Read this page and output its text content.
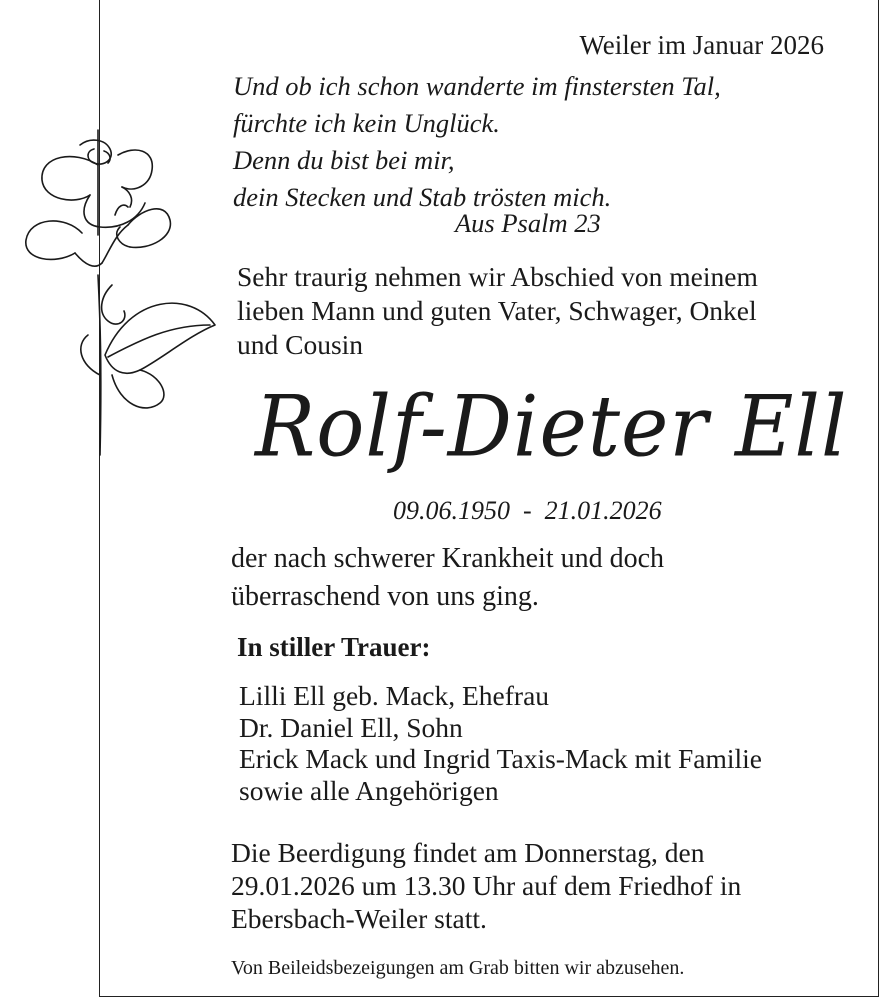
Weiler im Januar 2026
Und ob ich schon wanderte im finstersten Tal,
fürchte ich kein Unglück.
Denn du bist bei mir,
dein Stecken und Stab trösten mich.
Aus Psalm 23
Sehr traurig nehmen wir Abschied von meinem
lieben Mann und guten Vater, Schwager, Onkel
und Cousin
Rolf-Dieter Ell
09.06.1950  -  21.01.2026
der nach schwerer Krankheit und doch
überraschend von uns ging.
In stiller Trauer:
Lilli Ell geb. Mack, Ehefrau
Dr. Daniel Ell, Sohn
Erick Mack und Ingrid Taxis-Mack mit Familie
sowie alle Angehörigen
Die Beerdigung findet am Donnerstag, den
29.01.2026 um 13.30 Uhr auf dem Friedhof in
Ebersbach-Weiler statt.
Von Beileidsbezeigungen am Grab bitten wir abzusehen.
